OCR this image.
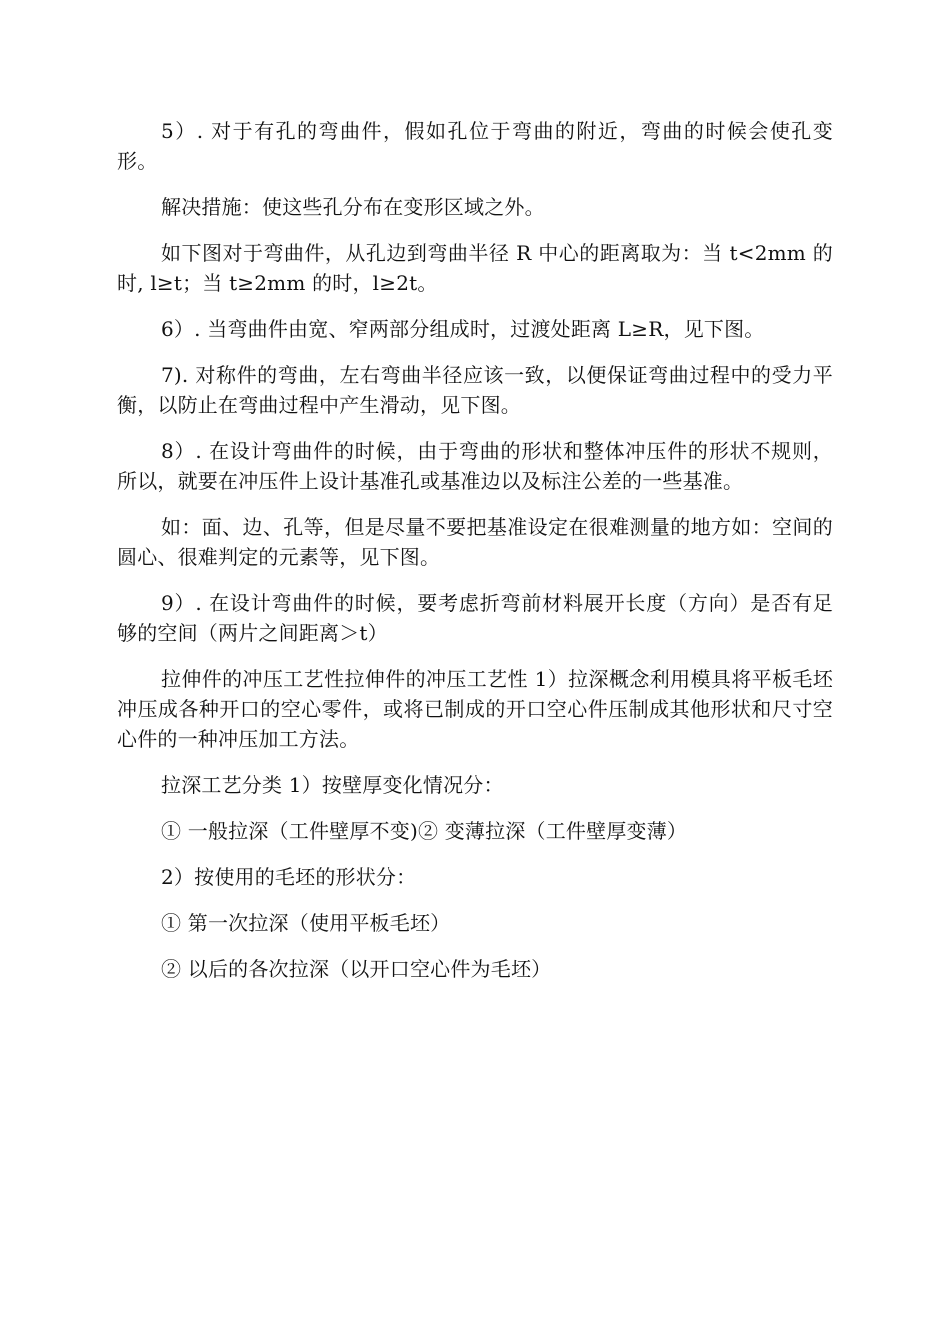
5）. 对于有孔的弯曲件，假如孔位于弯曲的附近，弯曲的时候会使孔变形。

解决措施：使这些孔分布在变形区域之外。

如下图对于弯曲件，从孔边到弯曲半径 R 中心的距离取为：当 t<2mm 的时, l≥t；当 t≥2mm 的时，l≥2t。

6）. 当弯曲件由宽、窄两部分组成时，过渡处距离 L≥R，见下图。

7). 对称件的弯曲，左右弯曲半径应该一致，以便保证弯曲过程中的受力平衡，以防止在弯曲过程中产生滑动，见下图。

8）. 在设计弯曲件的时候，由于弯曲的形状和整体冲压件的形状不规则，所以，就要在冲压件上设计基准孔或基准边以及标注公差的一些基准。

如：面、边、孔等，但是尽量不要把基准设定在很难测量的地方如：空间的圆心、很难判定的元素等，见下图。

9）. 在设计弯曲件的时候，要考虑折弯前材料展开长度（方向）是否有足够的空间（两片之间距离＞t）

拉伸件的冲压工艺性拉伸件的冲压工艺性 1）拉深概念利用模具将平板毛坯冲压成各种开口的空心零件，或将已制成的开口空心件压制成其他形状和尺寸空心件的一种冲压加工方法。

拉深工艺分类 1）按壁厚变化情况分：

① 一般拉深（工件壁厚不变)② 变薄拉深（工件壁厚变薄）

2）按使用的毛坯的形状分：

① 第一次拉深（使用平板毛坯）

② 以后的各次拉深（以开口空心件为毛坯）
